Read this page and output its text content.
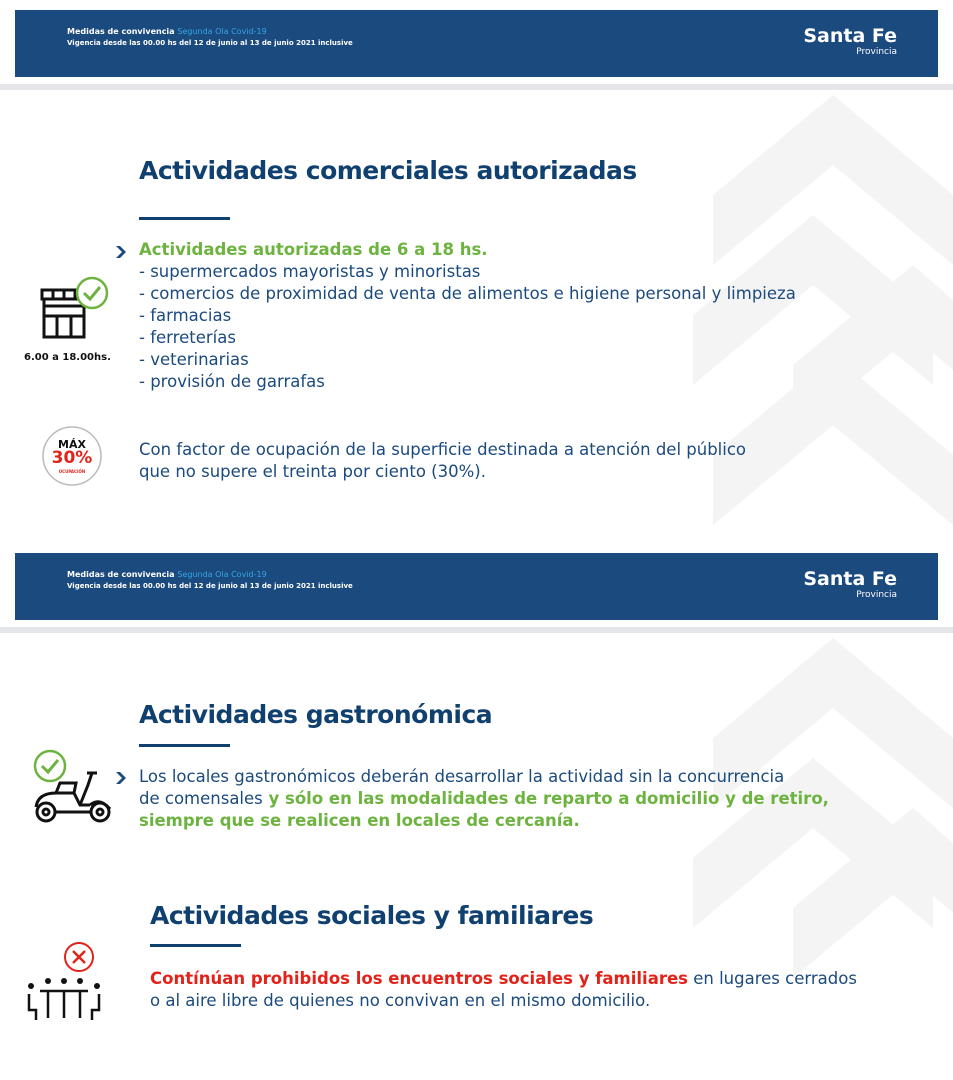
Medidas de convivencia Segunda Ola Covid-19
Vigencia desde las 00.00 hs del 12 de junio al 13 de junio 2021 inclusive	Santa Fe
Provincia
Actividades comerciales autorizadas
Actividades autorizadas de 6 a 18 hs.
- supermercados mayoristas y minoristas
- comercios de proximidad de venta de alimentos e higiene personal y limpieza
- farmacias
- ferreterías
- veterinarias
- provisión de garrafas
6.00 a 18.00hs.
MÁX
30%
OCUPACIÓN
Con factor de ocupación de la superficie destinada a atención del público
que no supere el treinta por ciento (30%).
Medidas de convivencia Segunda Ola Covid-19
Vigencia desde las 00.00 hs del 12 de junio al 13 de junio 2021 inclusive	Santa Fe
Provincia
Actividades gastronómica
Los locales gastronómicos deberán desarrollar la actividad sin la concurrencia
de comensales y sólo en las modalidades de reparto a domicilio y de retiro,
siempre que se realicen en locales de cercanía.
Actividades sociales y familiares
Contínúan prohibidos los encuentros sociales y familiares en lugares cerrados
o al aire libre de quienes no convivan en el mismo domicilio.
